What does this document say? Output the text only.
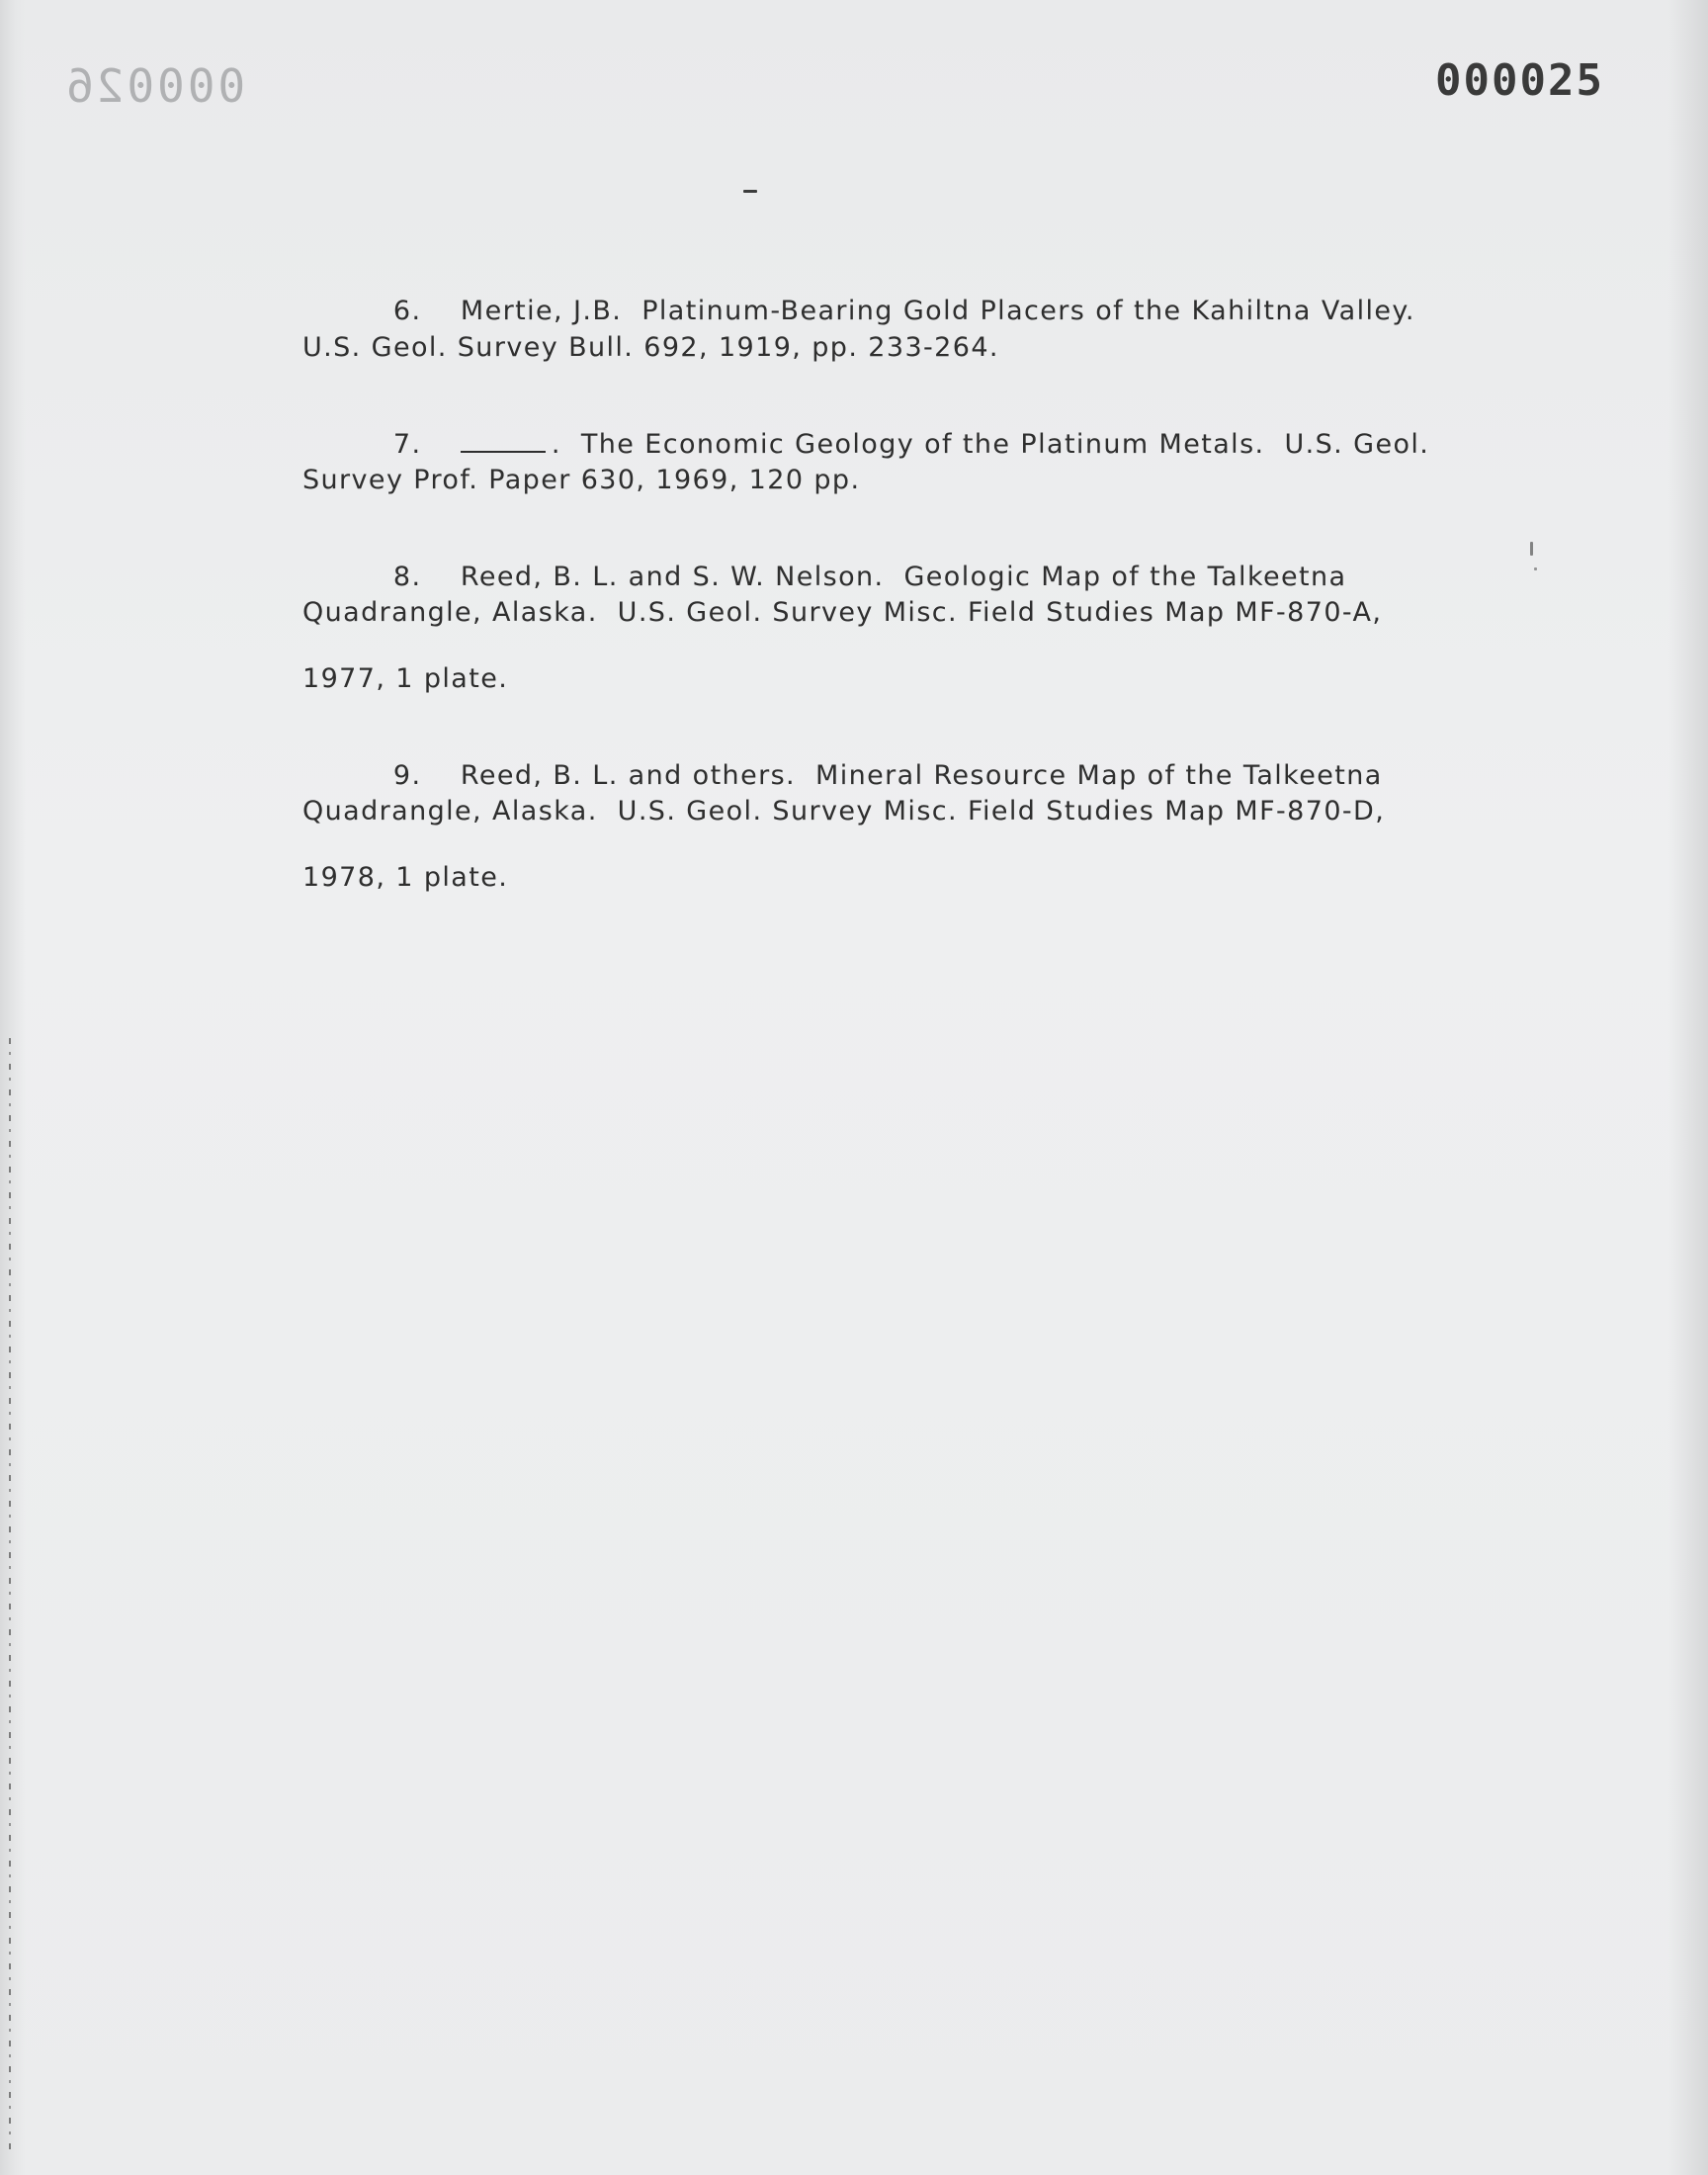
000026	000025

6. Mertie, J.B.  Platinum-Bearing Gold Placers of the Kahiltna Valley.

U.S. Geol. Survey Bull. 692, 1919, pp. 233-264.

7.	.  The Economic Geology of the Platinum Metals.  U.S. Geol.

Survey Prof. Paper 630, 1969, 120 pp.

8. Reed, B. L. and S. W. Nelson.  Geologic Map of the Talkeetna

Quadrangle, Alaska.  U.S. Geol. Survey Misc. Field Studies Map MF-870-A,
1977, 1 plate.

9. Reed, B. L. and others.  Mineral Resource Map of the Talkeetna

Quadrangle, Alaska.  U.S. Geol. Survey Misc. Field Studies Map MF-870-D,
1978, 1 plate.
